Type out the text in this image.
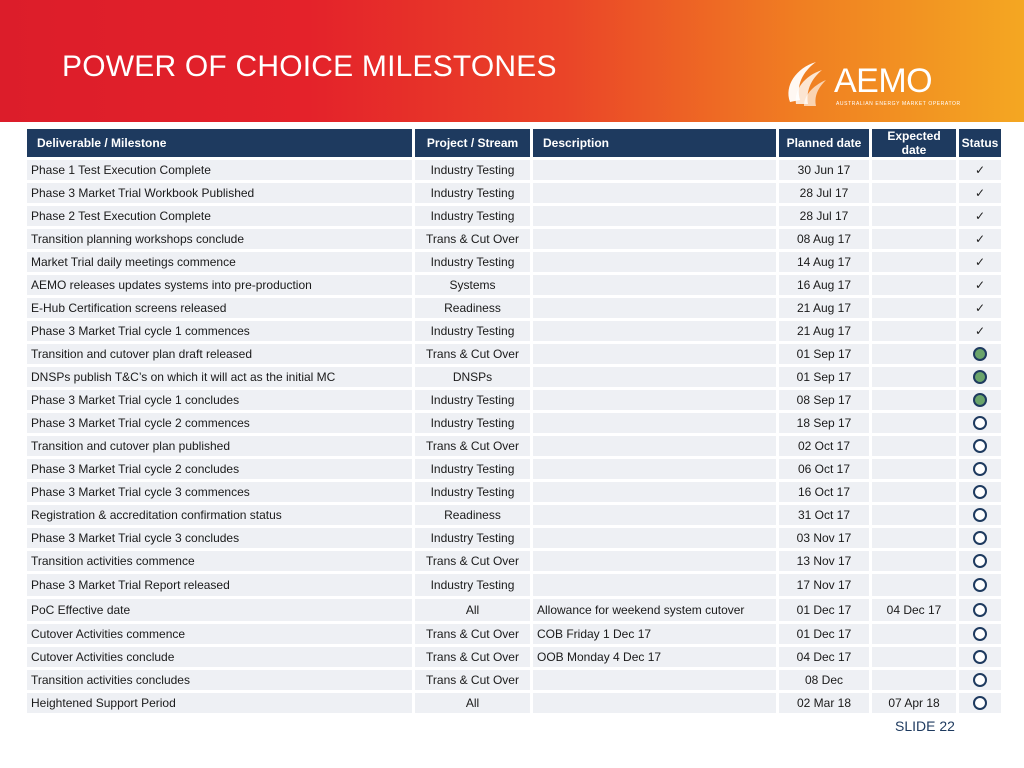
POWER OF CHOICE MILESTONES	AEMO
AUSTRALIAN ENERGY MARKET OPERATOR
Deliverable / Milestone	Project / Stream	Description	Planned date	Expected date	Status
Phase 1 Test Execution Complete	Industry Testing		30 Jun 17		✓
Phase 3 Market Trial Workbook Published	Industry Testing		28 Jul 17		✓
Phase 2 Test Execution Complete	Industry Testing		28 Jul 17		✓
Transition planning workshops conclude	Trans & Cut Over		08 Aug 17		✓
Market Trial daily meetings commence	Industry Testing		14 Aug 17		✓
AEMO releases updates systems into pre-production	Systems		16 Aug 17		✓
E-Hub Certification screens released	Readiness		21 Aug 17		✓
Phase 3 Market Trial cycle 1 commences	Industry Testing		21 Aug 17		✓
Transition and cutover plan draft released	Trans & Cut Over		01 Sep 17		
DNSPs publish T&C’s on which it will act as the initial MC	DNSPs		01 Sep 17		
Phase 3 Market Trial cycle 1 concludes	Industry Testing		08 Sep 17		
Phase 3 Market Trial cycle 2 commences	Industry Testing		18 Sep 17		
Transition and cutover plan published	Trans & Cut Over		02 Oct 17		
Phase 3 Market Trial cycle 2 concludes	Industry Testing		06 Oct 17		
Phase 3 Market Trial cycle 3 commences	Industry Testing		16 Oct 17		
Registration & accreditation confirmation status	Readiness		31 Oct 17		
Phase 3 Market Trial cycle 3 concludes	Industry Testing		03 Nov 17		
Transition activities commence	Trans & Cut Over		13 Nov 17		
Phase 3 Market Trial Report released	Industry Testing		17 Nov 17		
PoC Effective date	All	Allowance for weekend system cutover	01 Dec 17	04 Dec 17	
Cutover Activities commence	Trans & Cut Over	COB Friday 1 Dec 17	01 Dec 17		
Cutover Activities conclude	Trans & Cut Over	OOB Monday 4 Dec 17	04 Dec 17		
Transition activities concludes	Trans & Cut Over		08 Dec		
Heightened Support Period	All		02 Mar 18	07 Apr 18	
SLIDE 22
